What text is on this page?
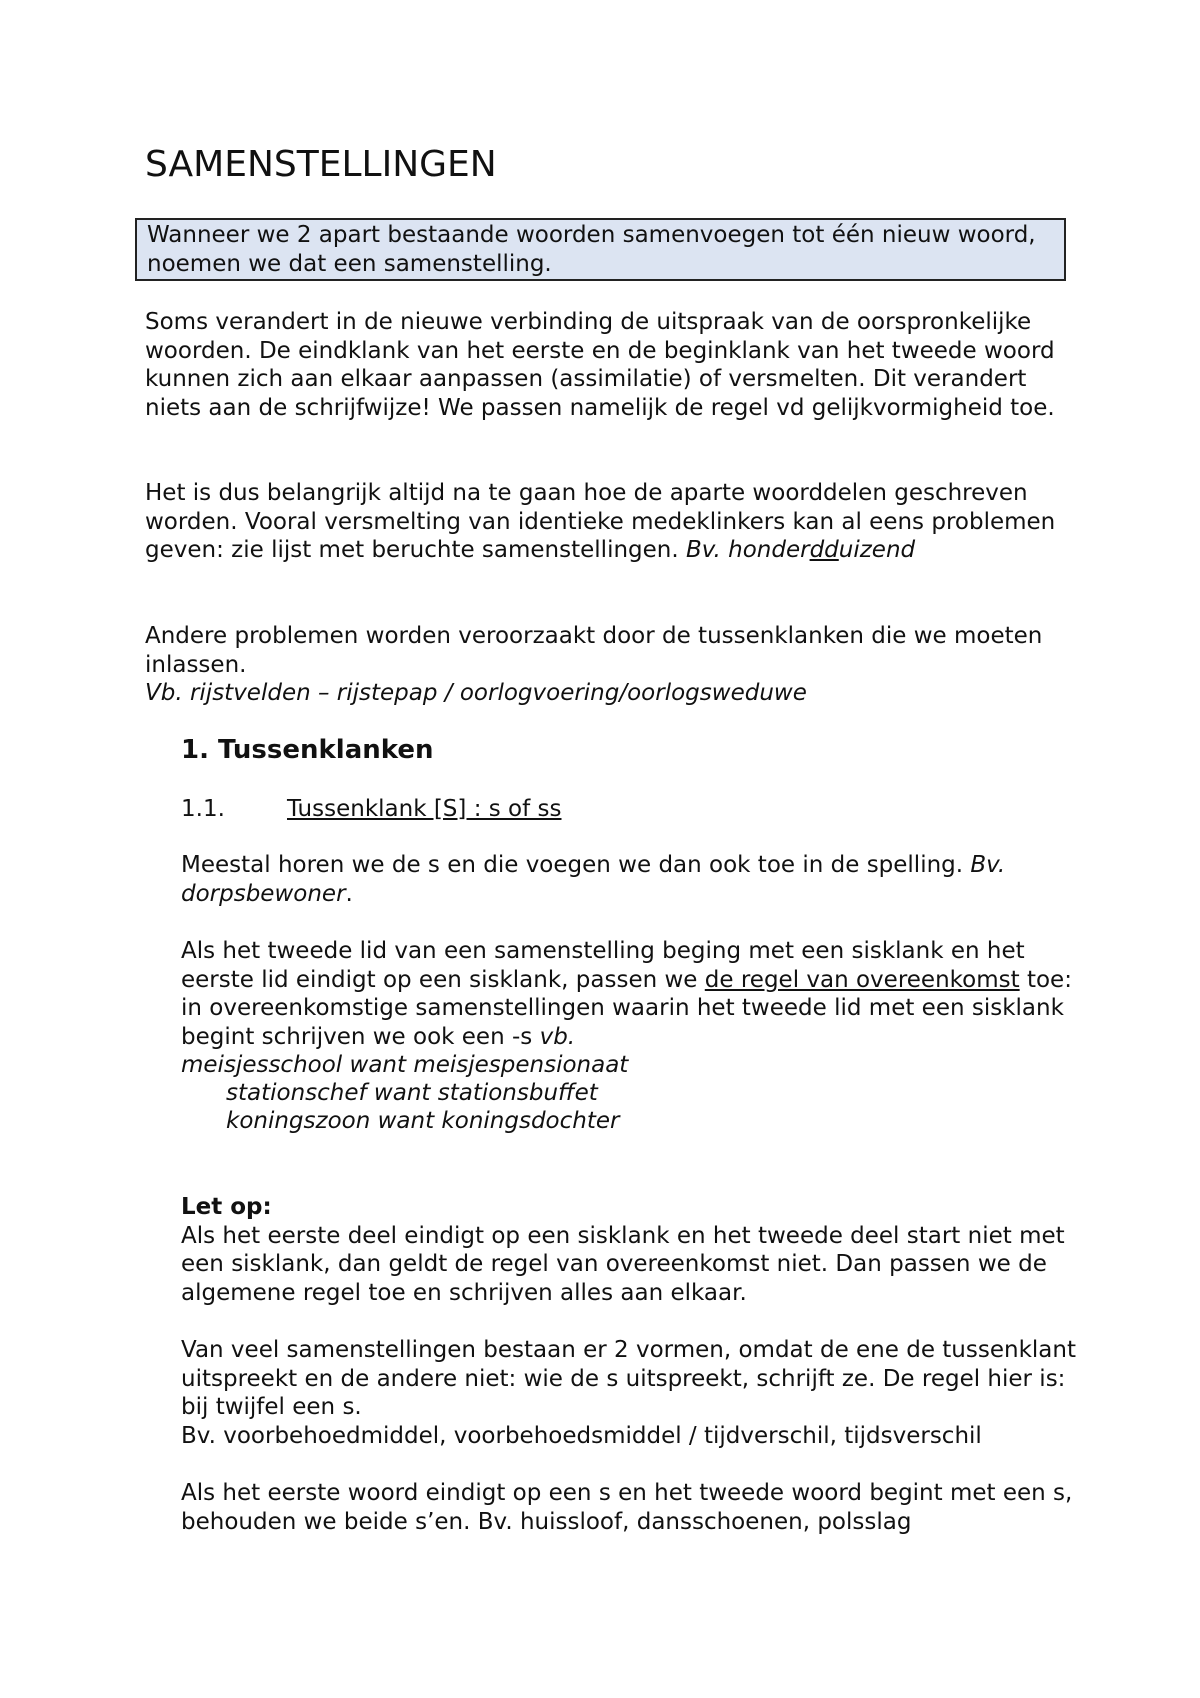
SAMENSTELLINGEN
Wanneer we 2 apart bestaande woorden samenvoegen tot één nieuw woord, noemen we dat een samenstelling.

Soms verandert in de nieuwe verbinding de uitspraak van de oorspronkelijke woorden. De eindklank van het eerste en de beginklank van het tweede woord kunnen zich aan elkaar aanpassen (assimilatie) of versmelten. Dit verandert niets aan de schrijfwijze! We passen namelijk de regel vd gelijkvormigheid toe.

Het is dus belangrijk altijd na te gaan hoe de aparte woorddelen geschreven worden. Vooral versmelting van identieke medeklinkers kan al eens problemen geven: zie lijst met beruchte samenstellingen. Bv. honderdduizend

Andere problemen worden veroorzaakt door de tussenklanken die we moeten inlassen.
Vb. rijstvelden – rijstepap / oorlogvoering/oorlogsweduwe

1. Tussenklanken
1.1.	Tussenklank [S] : s of ss

Meestal horen we de s en die voegen we dan ook toe in de spelling. Bv. dorpsbewoner.

Als het tweede lid van een samenstelling beging met een sisklank en het eerste lid eindigt op een sisklank, passen we de regel van overeenkomst toe: in overeenkomstige samenstellingen waarin het tweede lid met een sisklank begint schrijven we ook een -s vb.
meisjesschool want meisjespensionaat

stationschef want stationsbuffet
koningszoon want koningsdochter

Let op:
Als het eerste deel eindigt op een sisklank en het tweede deel start niet met een sisklank, dan geldt de regel van overeenkomst niet. Dan passen we de algemene regel toe en schrijven alles aan elkaar.

Van veel samenstellingen bestaan er 2 vormen, omdat de ene de tussenklant uitspreekt en de andere niet: wie de s uitspreekt, schrijft ze. De regel hier is: bij twijfel een s.
Bv. voorbehoedmiddel, voorbehoedsmiddel / tijdverschil, tijdsverschil

Als het eerste woord eindigt op een s en het tweede woord begint met een s, behouden we beide s’en. Bv. huissloof, dansschoenen, polsslag
